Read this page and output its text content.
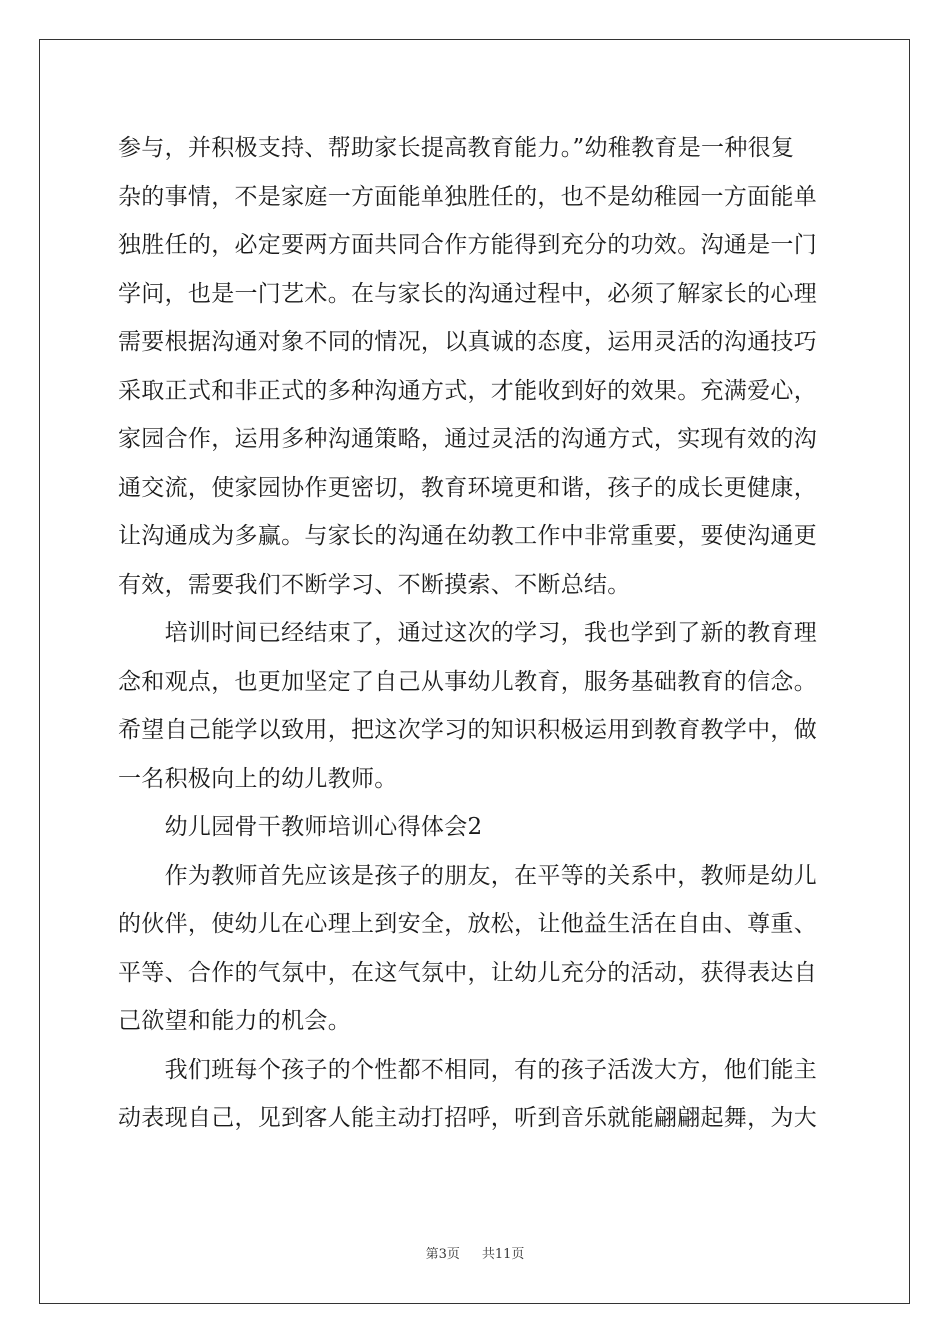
参与，并积极支持、帮助家长提高教育能力。”幼稚教育是一种很复
杂的事情，不是家庭一方面能单独胜任的，也不是幼稚园一方面能单
独胜任的，必定要两方面共同合作方能得到充分的功效。沟通是一门
学问，也是一门艺术。在与家长的沟通过程中，必须了解家长的心理
需要根据沟通对象不同的情况，以真诚的态度，运用灵活的沟通技巧
采取正式和非正式的多种沟通方式，才能收到好的效果。充满爱心，
家园合作，运用多种沟通策略，通过灵活的沟通方式，实现有效的沟
通交流，使家园协作更密切，教育环境更和谐，孩子的成长更健康，
让沟通成为多赢。与家长的沟通在幼教工作中非常重要，要使沟通更
有效，需要我们不断学习、不断摸索、不断总结。
　　培训时间已经结束了，通过这次的学习，我也学到了新的教育理
念和观点，也更加坚定了自己从事幼儿教育，服务基础教育的信念。
希望自己能学以致用，把这次学习的知识积极运用到教育教学中，做
一名积极向上的幼儿教师。
　　幼儿园骨干教师培训心得体会2
　　作为教师首先应该是孩子的朋友，在平等的关系中，教师是幼儿
的伙伴，使幼儿在心理上到安全，放松，让他益生活在自由、尊重、
平等、合作的气氛中，在这气氛中，让幼儿充分的活动，获得表达自
己欲望和能力的机会。
　　我们班每个孩子的个性都不相同，有的孩子活泼大方，他们能主
动表现自己，见到客人能主动打招呼，听到音乐就能翩翩起舞，为大
第3页 共11页
